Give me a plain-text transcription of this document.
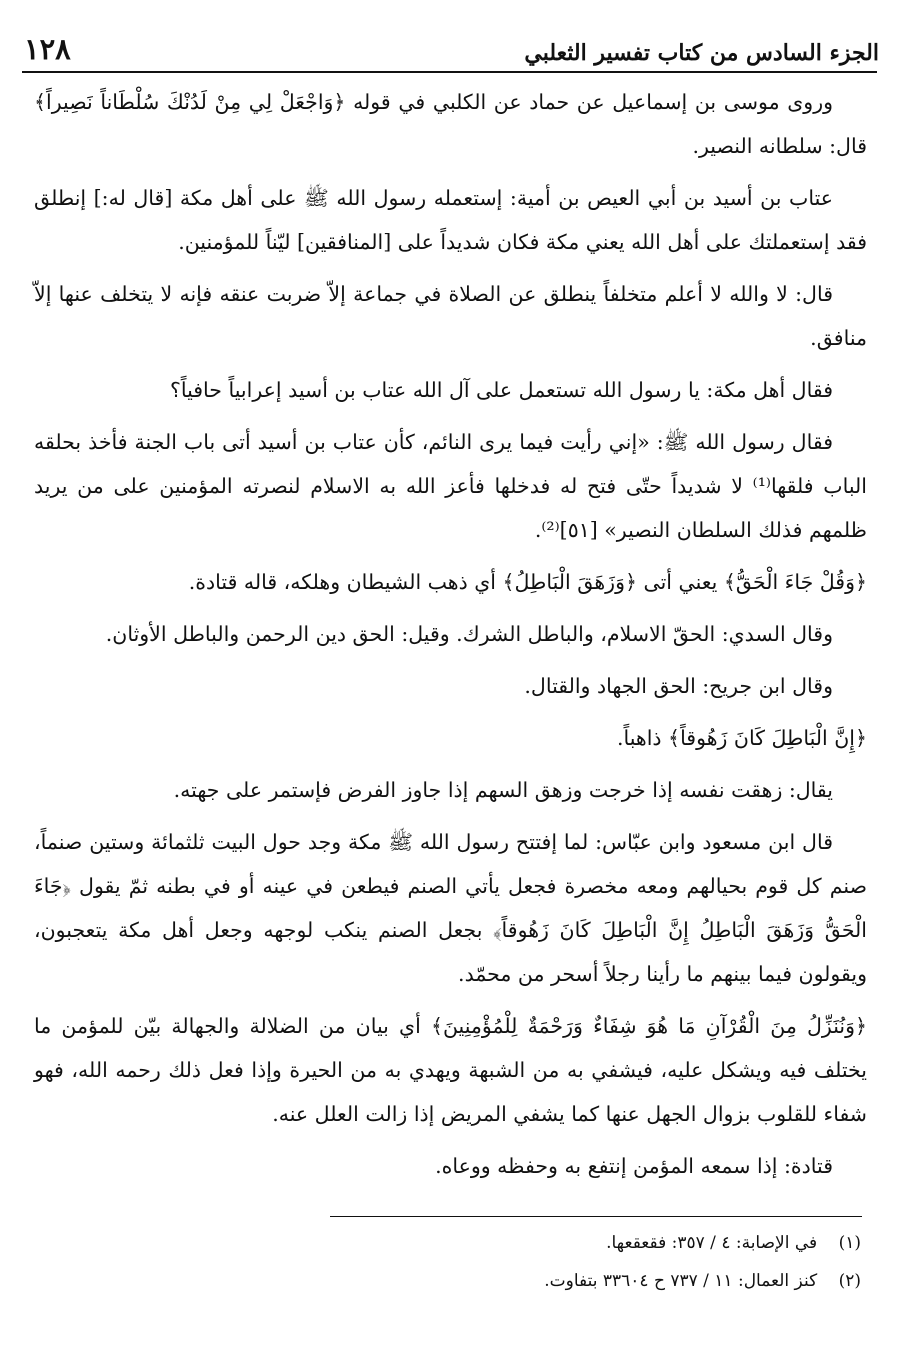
الجزء السادس من كتاب تفسير الثعلبي
١٢٨

وروى موسى بن إسماعيل عن حماد عن الكلبي في قوله ﴿وَاجْعَلْ لِي مِنْ لَدُنْكَ سُلْطَاناً نَصِيراً﴾ قال: سلطانه النصير.

عتاب بن أسيد بن أبي العيص بن أمية: إستعمله رسول الله ﷺ على أهل مكة [قال له:] إنطلق فقد إستعملتك على أهل الله يعني مكة فكان شديداً على [المنافقين] ليّناً للمؤمنين.

قال: لا والله لا أعلم متخلفاً ينطلق عن الصلاة في جماعة إلاّ ضربت عنقه فإنه لا يتخلف عنها إلاّ منافق.

فقال أهل مكة: يا رسول الله تستعمل على آل الله عتاب بن أسيد إعرابياً حافياً؟

فقال رسول الله ﷺ: «إني رأيت فيما يرى النائم، كأن عتاب بن أسيد أتى باب الجنة فأخذ بحلقه الباب فلقها⁽¹⁾ لا شديداً حتّى فتح له فدخلها فأعز الله به الاسلام لنصرته المؤمنين على من يريد ظلمهم فذلك السلطان النصير» [٥١]⁽²⁾.

﴿وَقُلْ جَاءَ الْحَقُّ﴾ يعني أتى ﴿وَزَهَقَ الْبَاطِلُ﴾ أي ذهب الشيطان وهلكه، قاله قتادة.

وقال السدي: الحقّ الاسلام، والباطل الشرك. وقيل: الحق دين الرحمن والباطل الأوثان.

وقال ابن جريح: الحق الجهاد والقتال.

﴿إِنَّ الْبَاطِلَ كَانَ زَهُوقاً﴾ ذاهباً.

يقال: زهقت نفسه إذا خرجت وزهق السهم إذا جاوز الفرض فإستمر على جهته.

قال ابن مسعود وابن عبّاس: لما إفتتح رسول الله ﷺ مكة وجد حول البيت ثلثمائة وستين صنماً، صنم كل قوم بحيالهم ومعه مخصرة فجعل يأتي الصنم فيطعن في عينه أو في بطنه ثمّ يقول ﴿جَاءَ الْحَقُّ وَزَهَقَ الْبَاطِلُ إِنَّ الْبَاطِلَ كَانَ زَهُوقاً﴾ بجعل الصنم ينكب لوجهه وجعل أهل مكة يتعجبون، ويقولون فيما بينهم ما رأينا رجلاً أسحر من محمّد.

﴿وَنُنَزِّلُ مِنَ الْقُرْآنِ مَا هُوَ شِفَاءٌ وَرَحْمَةٌ لِلْمُؤْمِنِينَ﴾ أي بيان من الضلالة والجهالة بيّن للمؤمن ما يختلف فيه ويشكل عليه، فيشفي به من الشبهة ويهدي به من الحيرة وإذا فعل ذلك رحمه الله، فهو شفاء للقلوب بزوال الجهل عنها كما يشفي المريض إذا زالت العلل عنه.

قتادة: إذا سمعه المؤمن إنتفع به وحفظه ووعاه.

(١) في الإصابة: ٤ / ٣٥٧: فقعقعها.
(٢) كنز العمال: ١١ / ٧٣٧ ح ٣٣٦٠٤ بتفاوت.
